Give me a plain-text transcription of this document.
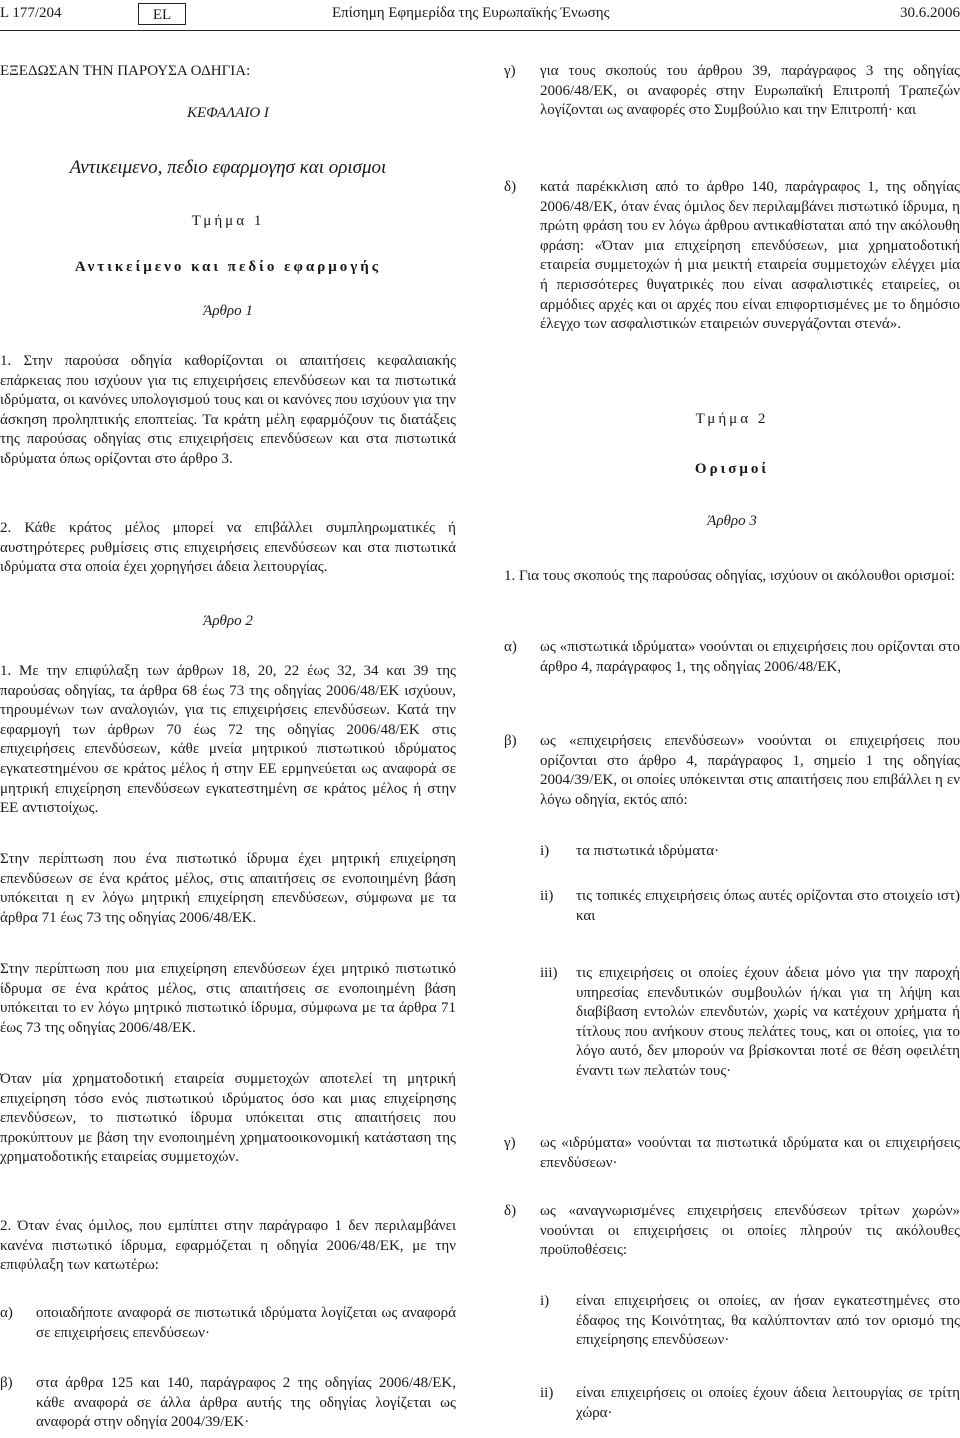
L 177/204	EL	Επίσημη Εφημερίδα της Ευρωπαϊκής Ένωσης	30.6.2006

ΕΞΕΔΩΣΑΝ ΤΗΝ ΠΑΡΟΥΣΑ ΟΔΗΓΙΑ:

ΚΕΦΑΛΑΙΟ I

Αντικειμενο, πεδιο εφαρμογησ και ορισμοι

Τμήμα 1

Αντικείμενο και πεδίο εφαρμογής

Άρθρο 1

1. Στην παρούσα οδηγία καθορίζονται οι απαιτήσεις κεφαλαιακής επάρκειας που ισχύουν για τις επιχειρήσεις επενδύσεων και τα πιστωτικά ιδρύματα, οι κανόνες υπολογισμού τους και οι κανόνες που ισχύουν για την άσκηση προληπτικής εποπτείας. Τα κράτη μέλη εφαρμόζουν τις διατάξεις της παρούσας οδηγίας στις επιχειρήσεις επενδύσεων και στα πιστωτικά ιδρύματα όπως ορίζονται στο άρθρο 3.

2. Κάθε κράτος μέλος μπορεί να επιβάλλει συμπληρωματικές ή αυστηρότερες ρυθμίσεις στις επιχειρήσεις επενδύσεων και στα πιστωτικά ιδρύματα στα οποία έχει χορηγήσει άδεια λειτουργίας.

Άρθρο 2

1. Με την επιφύλαξη των άρθρων 18, 20, 22 έως 32, 34 και 39 της παρούσας οδηγίας, τα άρθρα 68 έως 73 της οδηγίας 2006/48/ΕΚ ισχύουν, τηρουμένων των αναλογιών, για τις επιχειρήσεις επενδύσεων. Κατά την εφαρμογή των άρθρων 70 έως 72 της οδηγίας 2006/48/ΕΚ στις επιχειρήσεις επενδύσεων, κάθε μνεία μητρικού πιστωτικού ιδρύματος εγκατεστημένου σε κράτος μέλος ή στην ΕΕ ερμηνεύεται ως αναφορά σε μητρική επιχείρηση επενδύσεων εγκατεστημένη σε κράτος μέλος ή στην ΕΕ αντιστοίχως.

Στην περίπτωση που ένα πιστωτικό ίδρυμα έχει μητρική επιχείρηση επενδύσεων σε ένα κράτος μέλος, στις απαιτήσεις σε ενοποιημένη βάση υπόκειται η εν λόγω μητρική επιχείρηση επενδύσεων, σύμφωνα με τα άρθρα 71 έως 73 της οδηγίας 2006/48/ΕΚ.

Στην περίπτωση που μια επιχείρηση επενδύσεων έχει μητρικό πιστωτικό ίδρυμα σε ένα κράτος μέλος, στις απαιτήσεις σε ενοποιημένη βάση υπόκειται το εν λόγω μητρικό πιστωτικό ίδρυμα, σύμφωνα με τα άρθρα 71 έως 73 της οδηγίας 2006/48/ΕΚ.

Όταν μία χρηματοδοτική εταιρεία συμμετοχών αποτελεί τη μητρική επιχείρηση τόσο ενός πιστωτικού ιδρύματος όσο και μιας επιχείρησης επενδύσεων, το πιστωτικό ίδρυμα υπόκειται στις απαιτήσεις που προκύπτουν με βάση την ενοποιημένη χρηματοοικονομική κατάσταση της χρηματοδοτικής εταιρείας συμμετοχών.

2. Όταν ένας όμιλος, που εμπίπτει στην παράγραφο 1 δεν περιλαμβάνει κανένα πιστωτικό ίδρυμα, εφαρμόζεται η οδηγία 2006/48/ΕΚ, με την επιφύλαξη των κατωτέρω:

α) οποιαδήποτε αναφορά σε πιστωτικά ιδρύματα λογίζεται ως αναφορά σε επιχειρήσεις επενδύσεων·

β) στα άρθρα 125 και 140, παράγραφος 2 της οδηγίας 2006/48/ΕΚ, κάθε αναφορά σε άλλα άρθρα αυτής της οδηγίας λογίζεται ως αναφορά στην οδηγία 2004/39/ΕΚ·

γ) για τους σκοπούς του άρθρου 39, παράγραφος 3 της οδηγίας 2006/48/ΕΚ, οι αναφορές στην Ευρωπαϊκή Επιτροπή Τραπεζών λογίζονται ως αναφορές στο Συμβούλιο και την Επιτροπή· και

δ) κατά παρέκκλιση από το άρθρο 140, παράγραφος 1, της οδηγίας 2006/48/ΕΚ, όταν ένας όμιλος δεν περιλαμβάνει πιστωτικό ίδρυμα, η πρώτη φράση του εν λόγω άρθρου αντικαθίσταται από την ακόλουθη φράση: «Όταν μια επιχείρηση επενδύσεων, μια χρηματοδοτική εταιρεία συμμετοχών ή μια μεικτή εταιρεία συμμετοχών ελέγχει μία ή περισσότερες θυγατρικές που είναι ασφαλιστικές εταιρείες, οι αρμόδιες αρχές και οι αρχές που είναι επιφορτισμένες με το δημόσιο έλεγχο των ασφαλιστικών εταιρειών συνεργάζονται στενά».

Τμήμα 2

Ορισμοί

Άρθρο 3

1. Για τους σκοπούς της παρούσας οδηγίας, ισχύουν οι ακόλουθοι ορισμοί:

α) ως «πιστωτικά ιδρύματα» νοούνται οι επιχειρήσεις που ορίζονται στο άρθρο 4, παράγραφος 1, της οδηγίας 2006/48/ΕΚ,

β) ως «επιχειρήσεις επενδύσεων» νοούνται οι επιχειρήσεις που ορίζονται στο άρθρο 4, παράγραφος 1, σημείο 1 της οδηγίας 2004/39/ΕΚ, οι οποίες υπόκεινται στις απαιτήσεις που επιβάλλει η εν λόγω οδηγία, εκτός από:

i) τα πιστωτικά ιδρύματα·

ii) τις τοπικές επιχειρήσεις όπως αυτές ορίζονται στο στοιχείο ιστ) και

iii) τις επιχειρήσεις οι οποίες έχουν άδεια μόνο για την παροχή υπηρεσίας επενδυτικών συμβουλών ή/και για τη λήψη και διαβίβαση εντολών επενδυτών, χωρίς να κατέχουν χρήματα ή τίτλους που ανήκουν στους πελάτες τους, και οι οποίες, για το λόγο αυτό, δεν μπορούν να βρίσκονται ποτέ σε θέση οφειλέτη έναντι των πελατών τους·

γ) ως «ιδρύματα» νοούνται τα πιστωτικά ιδρύματα και οι επιχειρήσεις επενδύσεων·

δ) ως «αναγνωρισμένες επιχειρήσεις επενδύσεων τρίτων χωρών» νοούνται οι επιχειρήσεις οι οποίες πληρούν τις ακόλουθες προϋποθέσεις:

i) είναι επιχειρήσεις οι οποίες, αν ήσαν εγκατεστημένες στο έδαφος της Κοινότητας, θα καλύπτονταν από τον ορισμό της επιχείρησης επενδύσεων·

ii) είναι επιχειρήσεις οι οποίες έχουν άδεια λειτουργίας σε τρίτη χώρα·
